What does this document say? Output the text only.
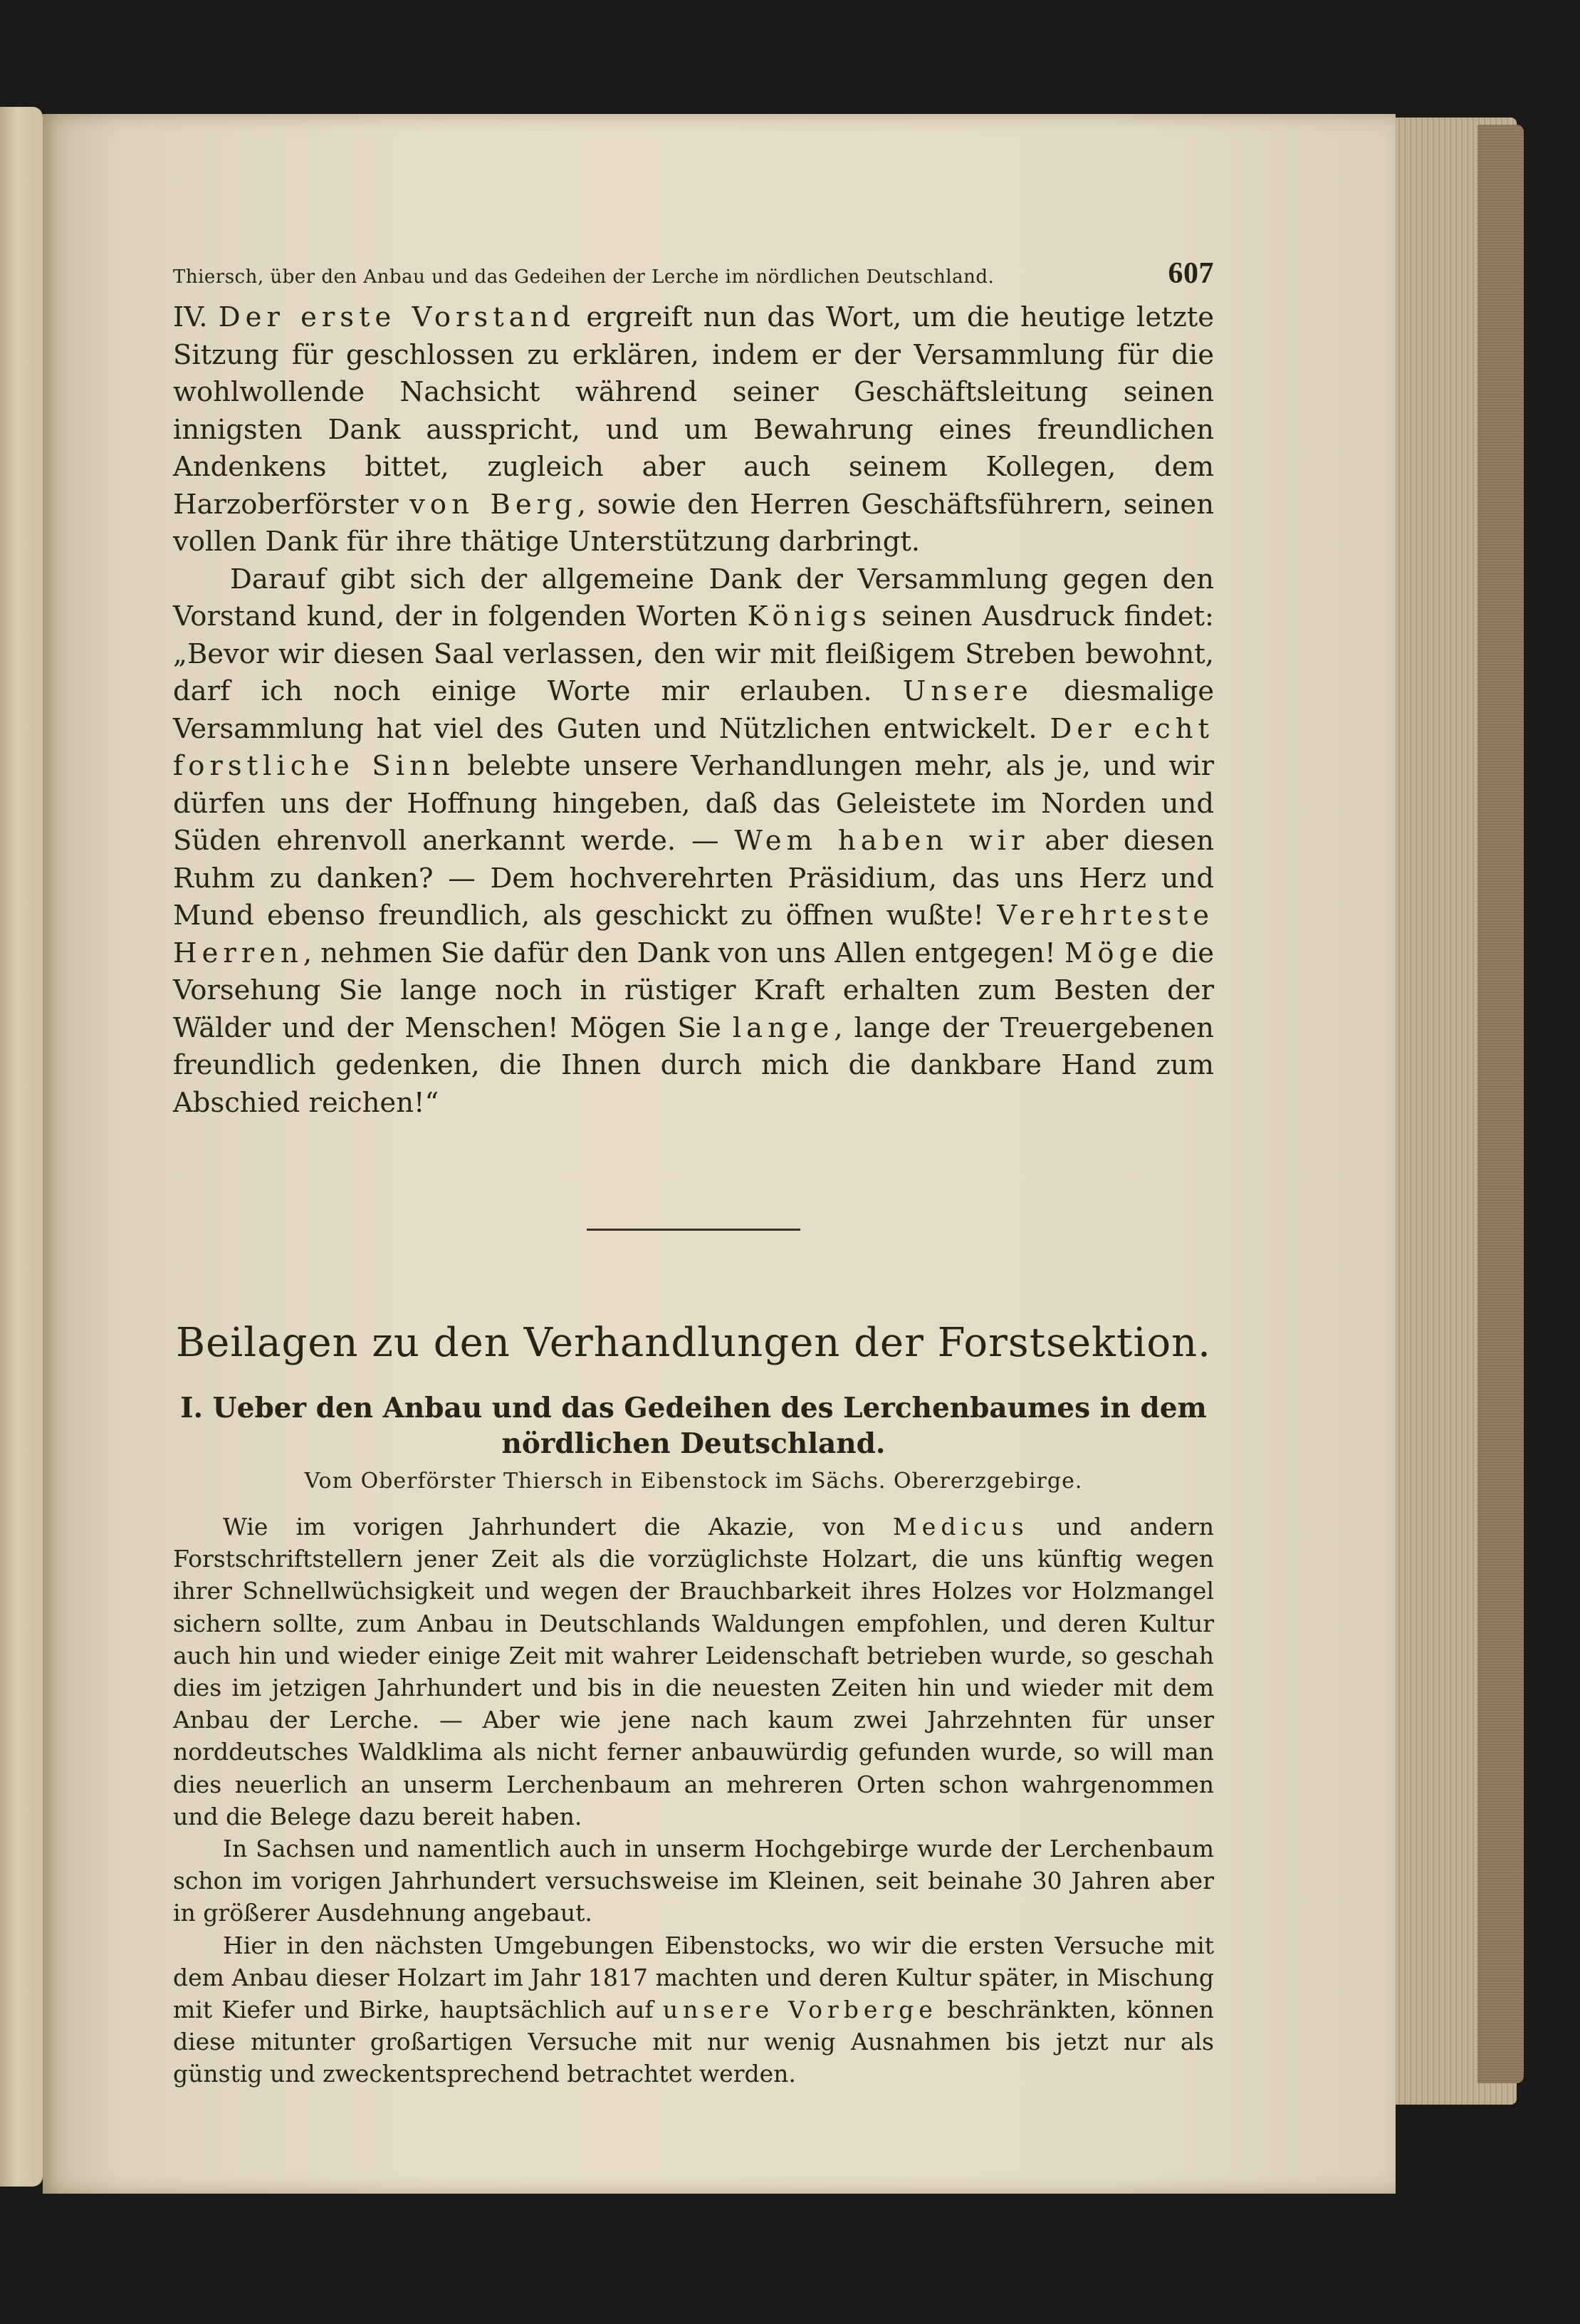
Thiersch, über den Anbau und das Gedeihen der Lerche im nördlichen Deutschland.	607

IV. Der erste Vorstand ergreift nun das Wort, um die heutige letzte Sitzung für geschlossen zu erklären, indem er der Versammlung für die wohlwollende Nachsicht während seiner Geschäftsleitung seinen innigsten Dank ausspricht, und um Bewahrung eines freundlichen Andenkens bittet, zugleich aber auch seinem Kollegen, dem Harzoberförster von Berg, sowie den Herren Geschäftsführern, seinen vollen Dank für ihre thätige Unterstützung darbringt.

Darauf gibt sich der allgemeine Dank der Versammlung gegen den Vorstand kund, der in folgenden Worten Königs seinen Ausdruck findet: „Bevor wir diesen Saal verlassen, den wir mit fleißigem Streben bewohnt, darf ich noch einige Worte mir erlauben. Unsere diesmalige Versammlung hat viel des Guten und Nützlichen entwickelt. Der echt forstliche Sinn belebte unsere Verhandlungen mehr, als je, und wir dürfen uns der Hoffnung hingeben, daß das Geleistete im Norden und Süden ehrenvoll anerkannt werde. — Wem haben wir aber diesen Ruhm zu danken? — Dem hochverehrten Präsidium, das uns Herz und Mund ebenso freundlich, als geschickt zu öffnen wußte! Verehrteste Herren, nehmen Sie dafür den Dank von uns Allen entgegen! Möge die Vorsehung Sie lange noch in rüstiger Kraft erhalten zum Besten der Wälder und der Menschen! Mögen Sie lange, lange der Treuergebenen freundlich gedenken, die Ihnen durch mich die dankbare Hand zum Abschied reichen!“

Beilagen zu den Verhandlungen der Forstsektion.
I. Ueber den Anbau und das Gedeihen des Lerchenbaumes in dem
nördlichen Deutschland.
Vom Oberförster Thiersch in Eibenstock im Sächs. Obererzgebirge.

Wie im vorigen Jahrhundert die Akazie, von Medicus und andern Forstschriftstellern jener Zeit als die vorzüglichste Holzart, die uns künftig wegen ihrer Schnellwüchsigkeit und wegen der Brauchbarkeit ihres Holzes vor Holzmangel sichern sollte, zum Anbau in Deutschlands Waldungen empfohlen, und deren Kultur auch hin und wieder einige Zeit mit wahrer Leidenschaft betrieben wurde, so geschah dies im jetzigen Jahrhundert und bis in die neuesten Zeiten hin und wieder mit dem Anbau der Lerche. — Aber wie jene nach kaum zwei Jahrzehnten für unser norddeutsches Waldklima als nicht ferner anbauwürdig gefunden wurde, so will man dies neuerlich an unserm Lerchenbaum an mehreren Orten schon wahrgenommen und die Belege dazu bereit haben.

In Sachsen und namentlich auch in unserm Hochgebirge wurde der Lerchenbaum schon im vorigen Jahrhundert versuchsweise im Kleinen, seit beinahe 30 Jahren aber in größerer Ausdehnung angebaut.

Hier in den nächsten Umgebungen Eibenstocks, wo wir die ersten Versuche mit dem Anbau dieser Holzart im Jahr 1817 machten und deren Kultur später, in Mischung mit Kiefer und Birke, hauptsächlich auf unsere Vorberge beschränkten, können diese mitunter großartigen Versuche mit nur wenig Ausnahmen bis jetzt nur als günstig und zweckentsprechend betrachtet werden.
